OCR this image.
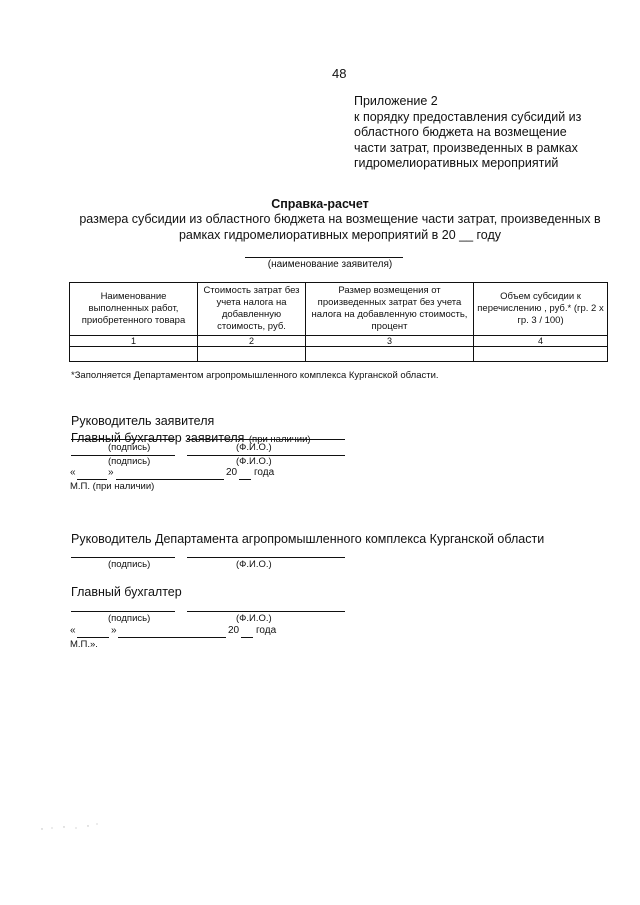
48
Приложение 2
к порядку предоставления субсидий из
областного бюджета на возмещение
части затрат, произведенных в рамках
гидромелиоративных мероприятий
Справка-расчет
размера субсидии из областного бюджета на возмещение части затрат, произведенных в рамках гидромелиоративных мероприятий в 20 __ году
(наименование заявителя)
Наименование выполненных работ, приобретенного товара	Стоимость затрат без учета налога на добавленную стоимость, руб.	Размер возмещения от произведенных затрат без учета налога на добавленную стоимость, процент	Объем субсидии к перечислению , руб.* (гр. 2 х гр. 3 / 100)
1	2	3	4

*Заполняется Департаментом агропромышленного комплекса Курганской области.
Руководитель заявителя
(подпись)	(Ф.И.О.)
Главный бухгалтер заявителя (при наличии)
(подпись)	(Ф.И.О.)
«	»	20 года
М.П. (при наличии)
Руководитель Департамента агропромышленного комплекса Курганской области
(подпись)	(Ф.И.О.)
Главный бухгалтер
(подпись)	(Ф.И.О.)
«	»	20 года
М.П.».
